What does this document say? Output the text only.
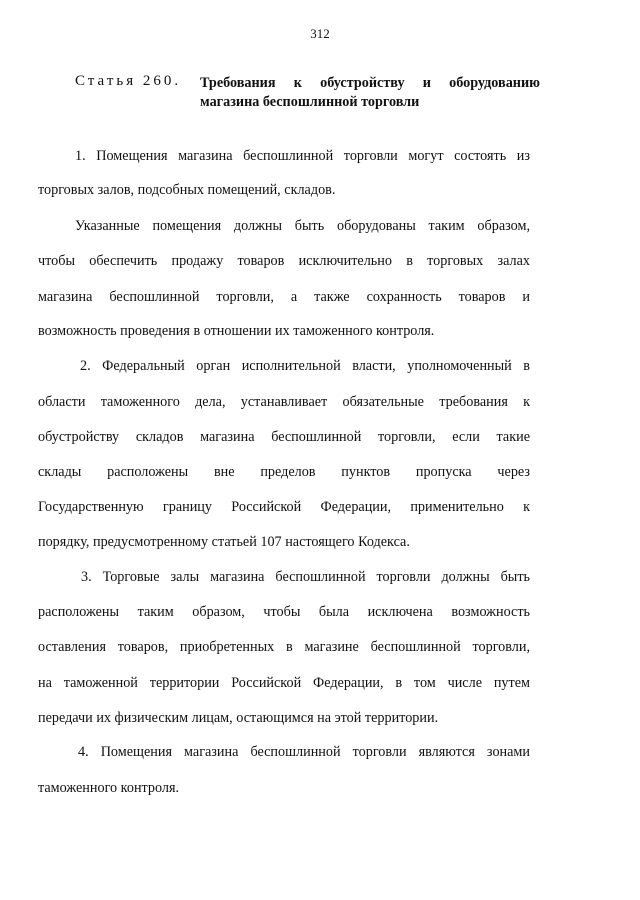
312
Статья 260. Требования к обустройству и оборудованию
магазина беспошлинной торговли
1. Помещения магазина беспошлинной торговли могут состоять из
торговых залов, подсобных помещений, складов.
Указанные помещения должны быть оборудованы таким образом,
чтобы обеспечить продажу товаров исключительно в торговых залах
магазина беспошлинной торговли, а также сохранность товаров и
возможность проведения в отношении их таможенного контроля.
2. Федеральный орган исполнительной власти, уполномоченный в
области таможенного дела, устанавливает обязательные требования к
обустройству складов магазина беспошлинной торговли, если такие
склады расположены вне пределов пунктов пропуска через
Государственную границу Российской Федерации, применительно к
порядку, предусмотренному статьей 107 настоящего Кодекса.
3. Торговые залы магазина беспошлинной торговли должны быть
расположены таким образом, чтобы была исключена возможность
оставления товаров, приобретенных в магазине беспошлинной торговли,
на таможенной территории Российской Федерации, в том числе путем
передачи их физическим лицам, остающимся на этой территории.
4. Помещения магазина беспошлинной торговли являются зонами
таможенного контроля.
